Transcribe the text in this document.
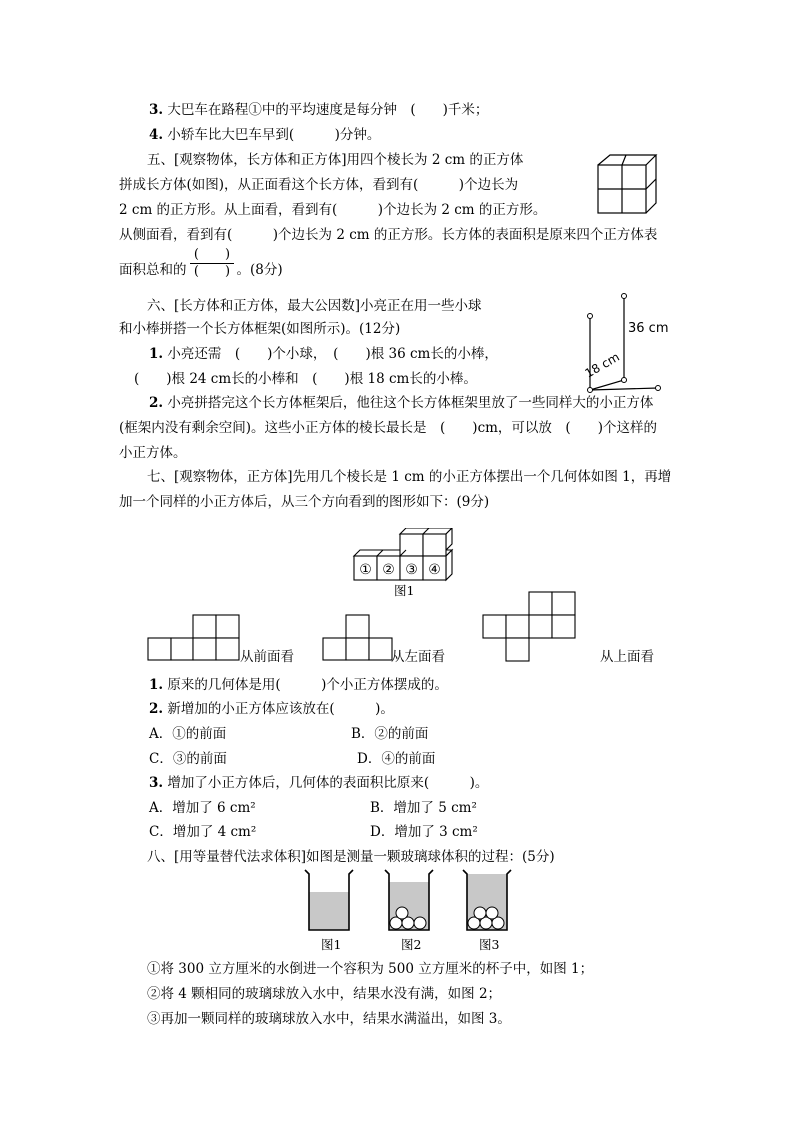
3. 大巴车在路程①中的平均速度是每分钟　(　　)千米；
4. 小轿车比大巴车早到(　　　)分钟。
五、[观察物体，长方体和正方体]用四个棱长为 2 cm 的正方体
拼成长方体(如图)，从正面看这个长方体，看到有(　　　)个边长为
2 cm 的正方形。从上面看，看到有(　　　)个边长为 2 cm 的正方形。
从侧面看，看到有(　　　)个边长为 2 cm 的正方形。长方体的表面积是原来四个正方体表
面积总和的	。(8分)
(　　)
(　　)
六、[长方体和正方体，最大公因数]小亮正在用一些小球
和小棒拼搭一个长方体框架(如图所示)。(12分)
1. 小亮还需　(　　)个小球，　(　　)根 36 cm长的小棒，
(　　)根 24 cm长的小棒和　(　　)根 18 cm长的小棒。
2. 小亮拼搭完这个长方体框架后，他往这个长方体框架里放了一些同样大的小正方体
(框架内没有剩余空间)。这些小正方体的棱长最长是　(　　)cm，可以放　(　　)个这样的
小正方体。
36 cm
18 cm
七、[观察物体，正方体]先用几个棱长是 1 cm 的小正方体摆出一个几何体如图 1，再增
加一个同样的小正方体后，从三个方向看到的图形如下：(9分)
① ② ③ ④
图1
从前面看	从左面看	从上面看
1. 原来的几何体是用(　　　)个小正方体摆成的。
2. 新增加的小正方体应该放在(　　　)。
A．①的前面	B．②的前面
C．③的前面	D．④的前面
3. 增加了小正方体后，几何体的表面积比原来(　　　)。
A．增加了 6 cm²	B．增加了 5 cm²
C．增加了 4 cm²	D．增加了 3 cm²
八、[用等量替代法求体积]如图是测量一颗玻璃球体积的过程：(5分)
图1	图2	图3
①将 300 立方厘米的水倒进一个容积为 500 立方厘米的杯子中，如图 1；
②将 4 颗相同的玻璃球放入水中，结果水没有满，如图 2；
③再加一颗同样的玻璃球放入水中，结果水满溢出，如图 3。
